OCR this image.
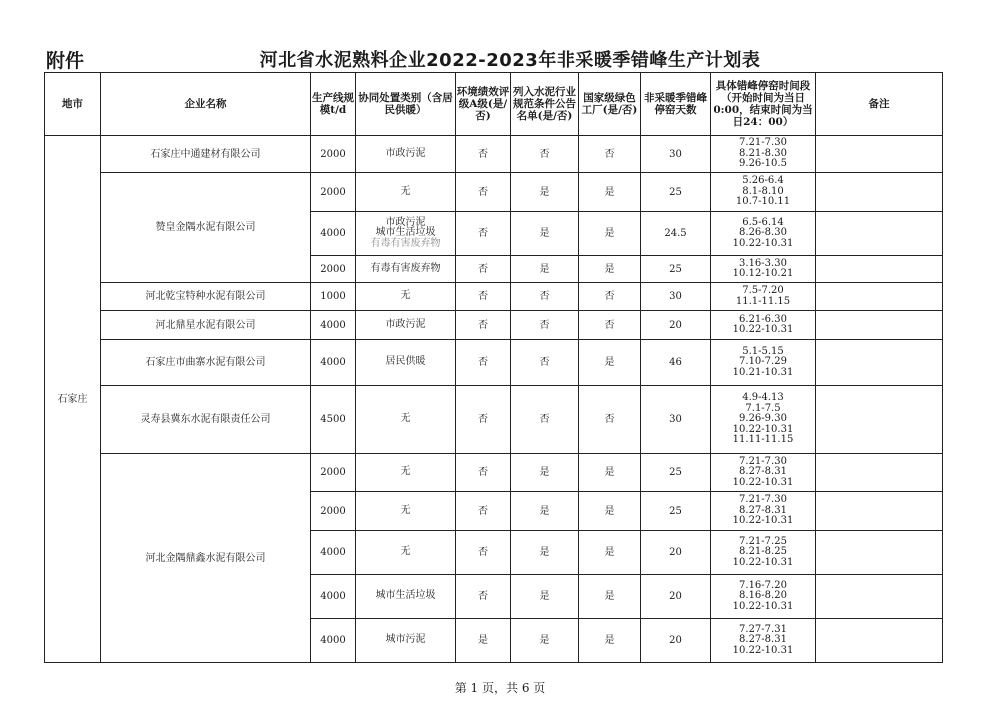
附件	河北省水泥熟料企业2022-2023年非采暖季错峰生产计划表
地市	企业名称	生产线规模t/d	协同处置类别（含居民供暖）	环境绩效评级A级(是/否)	列入水泥行业规范条件公告名单(是/否)	国家级绿色工厂(是/否)	非采暖季错峰停窑天数	具体错峰停窑时间段（开始时间为当日0:00，结束时间为当日24：00）	备注
石家庄	石家庄中通建材有限公司	2000	市政污泥	否	否	否	30	7.21-7.30
8.21-8.30
9.26-10.5	

	赞皇金隅水泥有限公司	2000	无	否	是	是	25	5.26-6.4
8.1-8.10
10.7-10.11	

		4000	市政污泥
城市生活垃圾
有毒有害废弃物	否	是	是	24.5	6.5-6.14
8.26-8.30
10.22-10.31	

		2000	有毒有害废弃物	否	是	是	25	3.16-3.30
10.12-10.21	

	河北乾宝特种水泥有限公司	1000	无	否	否	否	30	7.5-7.20
11.1-11.15	

	河北鼎星水泥有限公司	4000	市政污泥	否	否	否	20	6.21-6.30
10.22-10.31	

	石家庄市曲寨水泥有限公司	4000	居民供暖	否	否	是	46	5.1-5.15
7.10-7.29
10.21-10.31	

	灵寿县冀东水泥有限责任公司	4500	无	否	否	否	30	4.9-4.13
7.1-7.5
9.26-9.30
10.22-10.31
11.11-11.15	

	河北金隅鼎鑫水泥有限公司	2000	无	否	是	是	25	7.21-7.30
8.27-8.31
10.22-10.31	

		2000	无	否	是	是	25	7.21-7.30
8.27-8.31
10.22-10.31	

		4000	无	否	是	是	20	7.21-7.25
8.21-8.25
10.22-10.31	

		4000	城市生活垃圾	否	是	是	20	7.16-7.20
8.16-8.20
10.22-10.31	

		4000	城市污泥	是	是	是	20	7.27-7.31
8.27-8.31
10.22-10.31	

第 1 页，共 6 页
